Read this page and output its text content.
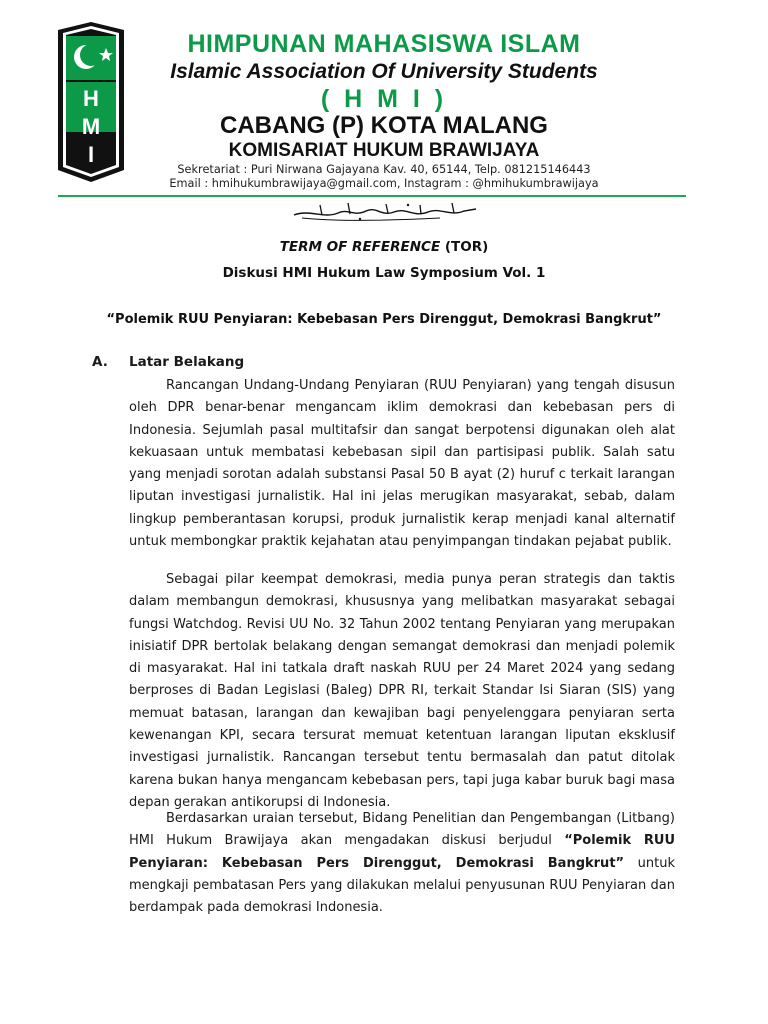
H
M
I
HIMPUNAN MAHASISWA ISLAM
Islamic Association Of University Students
( H M I )
CABANG (P) KOTA MALANG
KOMISARIAT HUKUM BRAWIJAYA
Sekretariat : Puri Nirwana Gajayana Kav. 40, 65144, Telp. 081215146443
Email : hmihukumbrawijaya@gmail.com, Instagram : @hmihukumbrawijaya
TERM OF REFERENCE (TOR)
Diskusi HMI Hukum Law Symposium Vol. 1
“Polemik RUU Penyiaran: Kebebasan Pers Direnggut, Demokrasi Bangkrut”
A. Latar Belakang

Rancangan Undang-Undang Penyiaran (RUU Penyiaran) yang tengah disusun oleh DPR benar-benar mengancam iklim demokrasi dan kebebasan pers di Indonesia. Sejumlah pasal multitafsir dan sangat berpotensi digunakan oleh alat kekuasaan untuk membatasi kebebasan sipil dan partisipasi publik. Salah satu yang menjadi sorotan adalah substansi Pasal 50 B ayat (2) huruf c terkait larangan liputan investigasi jurnalistik. Hal ini jelas merugikan masyarakat, sebab, dalam lingkup pemberantasan korupsi, produk jurnalistik kerap menjadi kanal alternatif untuk membongkar praktik kejahatan atau penyimpangan tindakan pejabat publik.

Sebagai pilar keempat demokrasi, media punya peran strategis dan taktis dalam membangun demokrasi, khususnya yang melibatkan masyarakat sebagai fungsi Watchdog. Revisi UU No. 32 Tahun 2002 tentang Penyiaran yang merupakan inisiatif DPR bertolak belakang dengan semangat demokrasi dan menjadi polemik di masyarakat. Hal ini tatkala draft naskah RUU per 24 Maret 2024 yang sedang berproses di Badan Legislasi (Baleg) DPR RI, terkait Standar Isi Siaran (SIS) yang memuat batasan, larangan dan kewajiban bagi penyelenggara penyiaran serta kewenangan KPI, secara tersurat memuat ketentuan larangan liputan eksklusif investigasi jurnalistik. Rancangan tersebut tentu bermasalah dan patut ditolak karena bukan hanya mengancam kebebasan pers, tapi juga kabar buruk bagi masa depan gerakan antikorupsi di Indonesia.

Berdasarkan uraian tersebut, Bidang Penelitian dan Pengembangan (Litbang) HMI Hukum Brawijaya akan mengadakan diskusi berjudul “Polemik RUU Penyiaran: Kebebasan Pers Direnggut, Demokrasi Bangkrut” untuk mengkaji pembatasan Pers yang dilakukan melalui penyusunan RUU Penyiaran dan berdampak pada demokrasi Indonesia.
